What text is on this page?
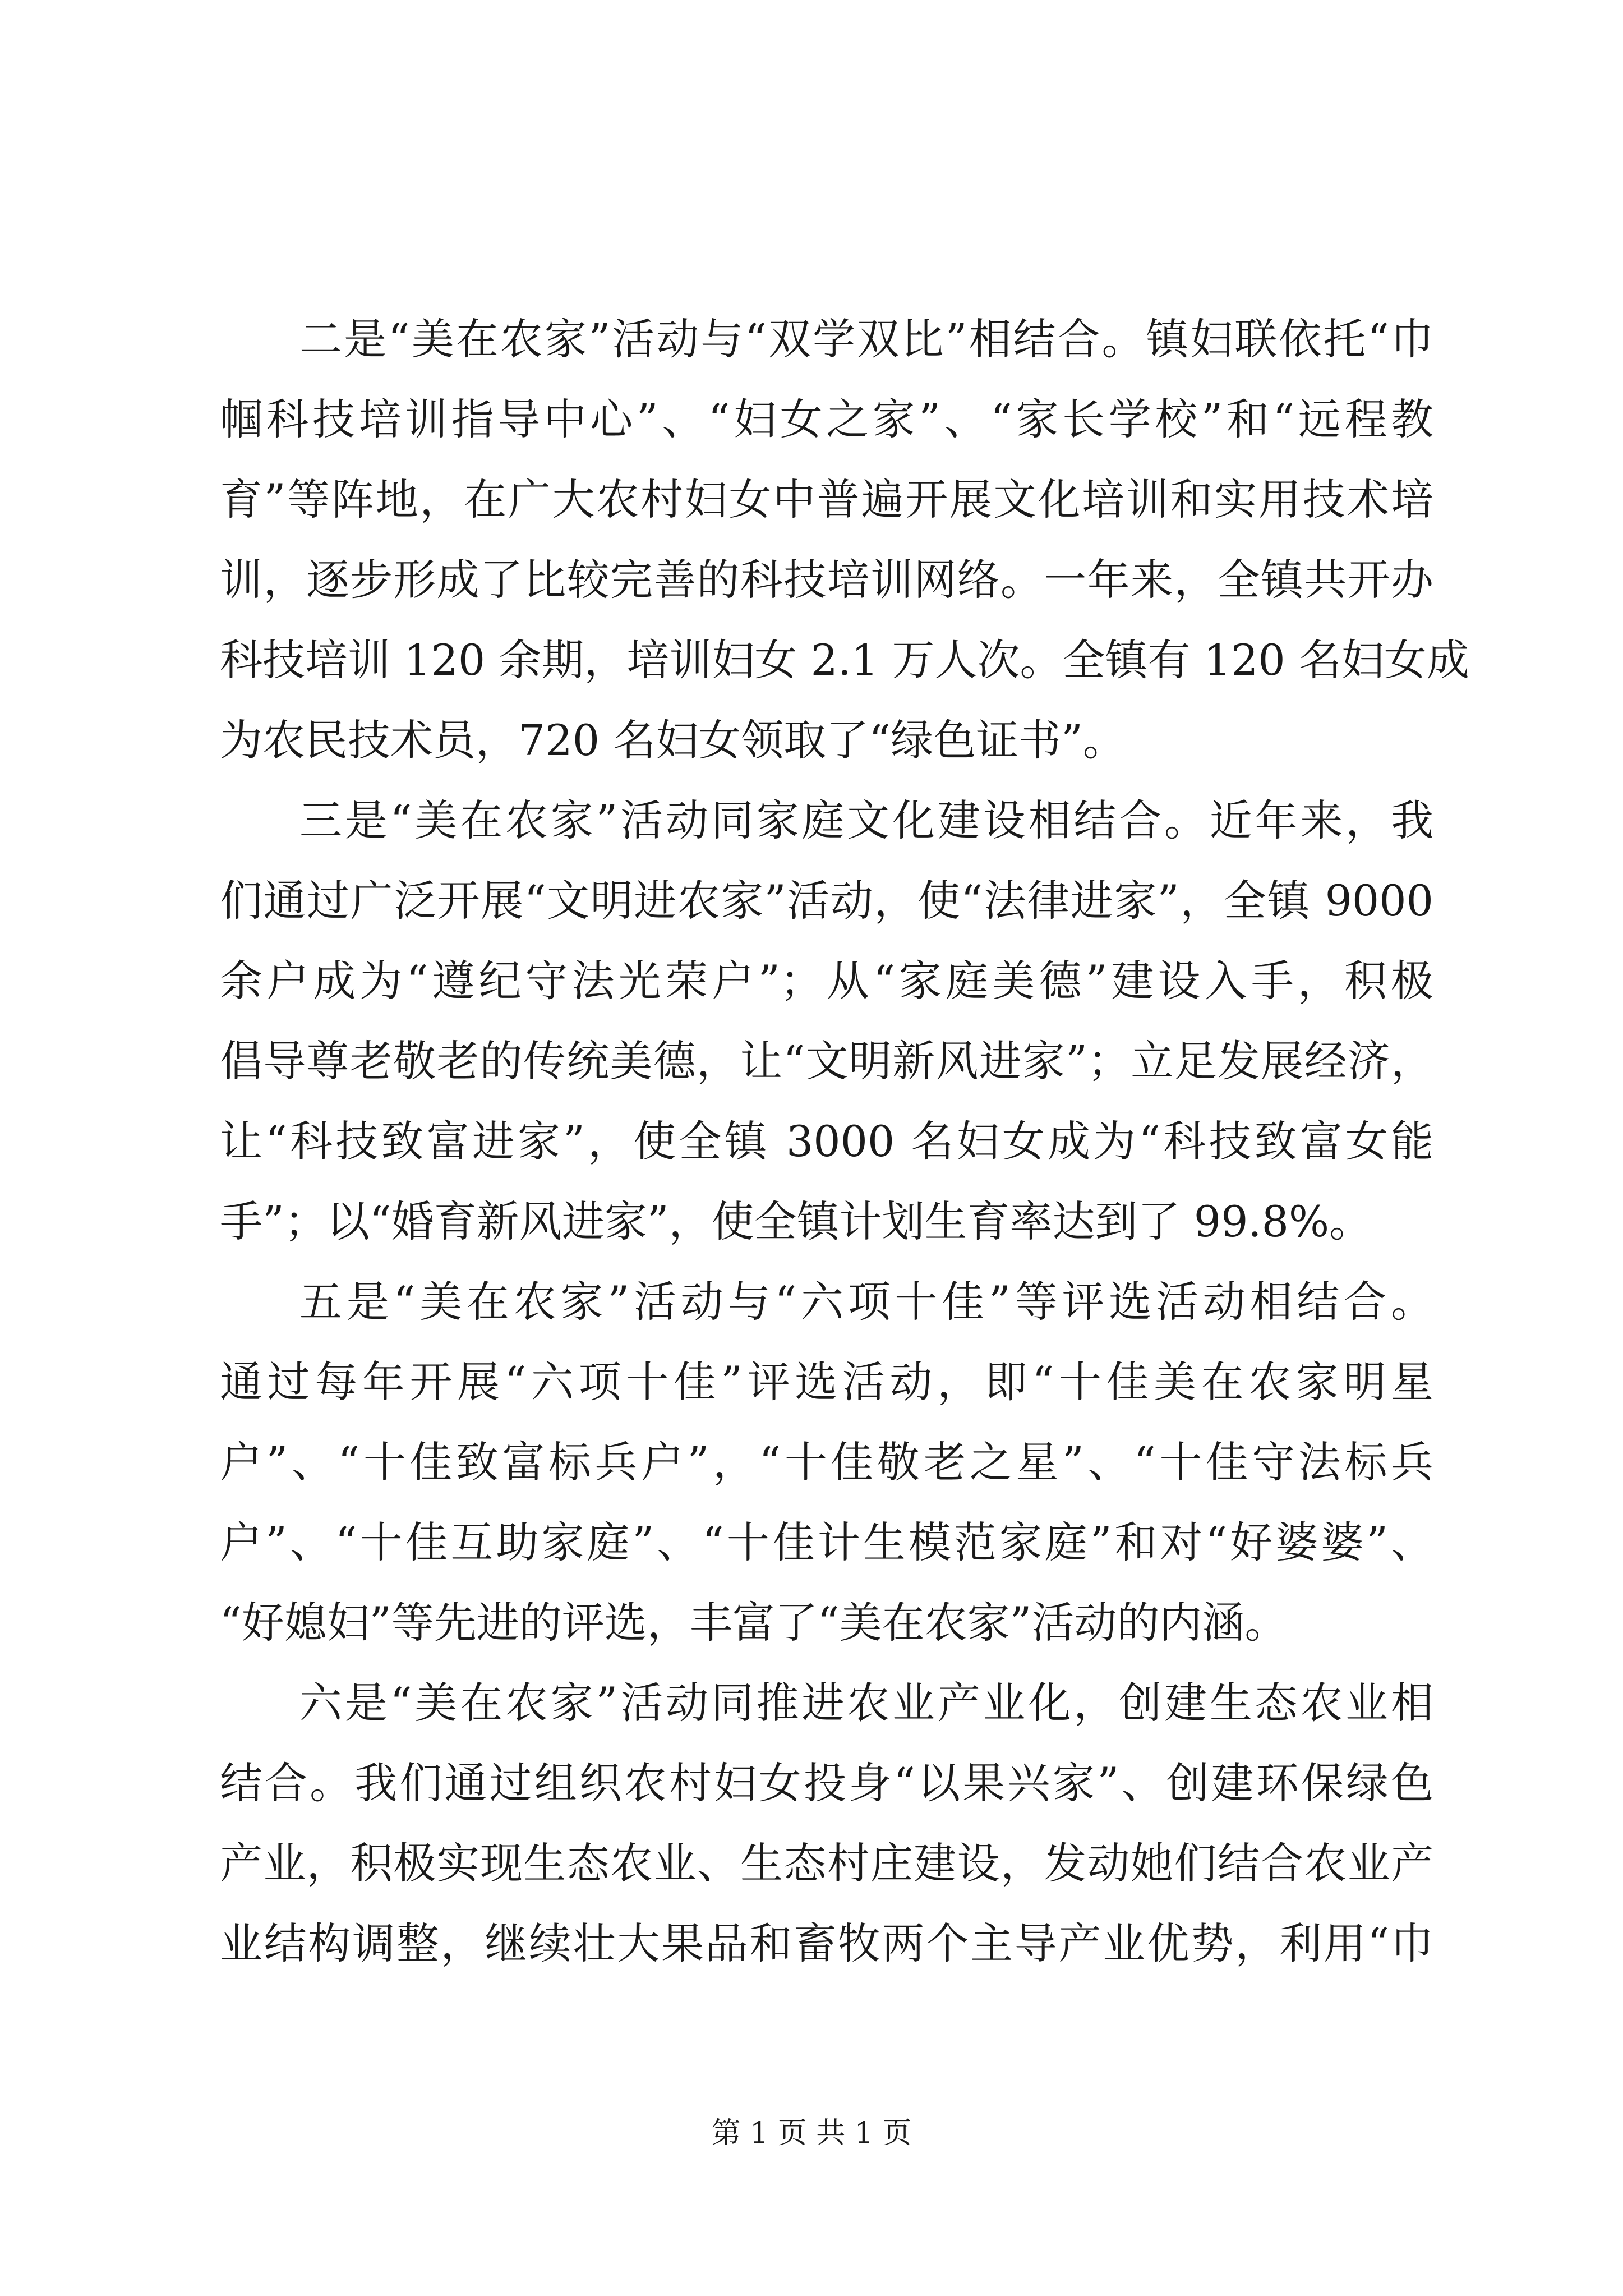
二是“美在农家”活动与“双学双比”相结合。镇妇联依托“巾
帼科技培训指导中心”、“妇女之家”、“家长学校”和“远程教
育”等阵地，在广大农村妇女中普遍开展文化培训和实用技术培
训，逐步形成了比较完善的科技培训网络。一年来，全镇共开办
科技培训 120 余期，培训妇女 2.1 万人次。全镇有 120 名妇女成
为农民技术员，720 名妇女领取了“绿色证书”。
三是“美在农家”活动同家庭文化建设相结合。近年来，我
们通过广泛开展“文明进农家”活动，使“法律进家”，全镇 9000
余户成为“遵纪守法光荣户”；从“家庭美德”建设入手，积极
倡导尊老敬老的传统美德，让“文明新风进家”；立足发展经济，
让“科技致富进家”，使全镇 3000 名妇女成为“科技致富女能
手”；以“婚育新风进家”，使全镇计划生育率达到了 99.8%。
五是“美在农家”活动与“六项十佳”等评选活动相结合。
通过每年开展“六项十佳”评选活动，即“十佳美在农家明星
户”、“十佳致富标兵户”，“十佳敬老之星”、“十佳守法标兵
户”、“十佳互助家庭”、“十佳计生模范家庭”和对“好婆婆”、
“好媳妇”等先进的评选，丰富了“美在农家”活动的内涵。
六是“美在农家”活动同推进农业产业化，创建生态农业相
结合。我们通过组织农村妇女投身“以果兴家”、创建环保绿色
产业，积极实现生态农业、生态村庄建设，发动她们结合农业产
业结构调整，继续壮大果品和畜牧两个主导产业优势，利用“巾
第 1 页 共 1 页
